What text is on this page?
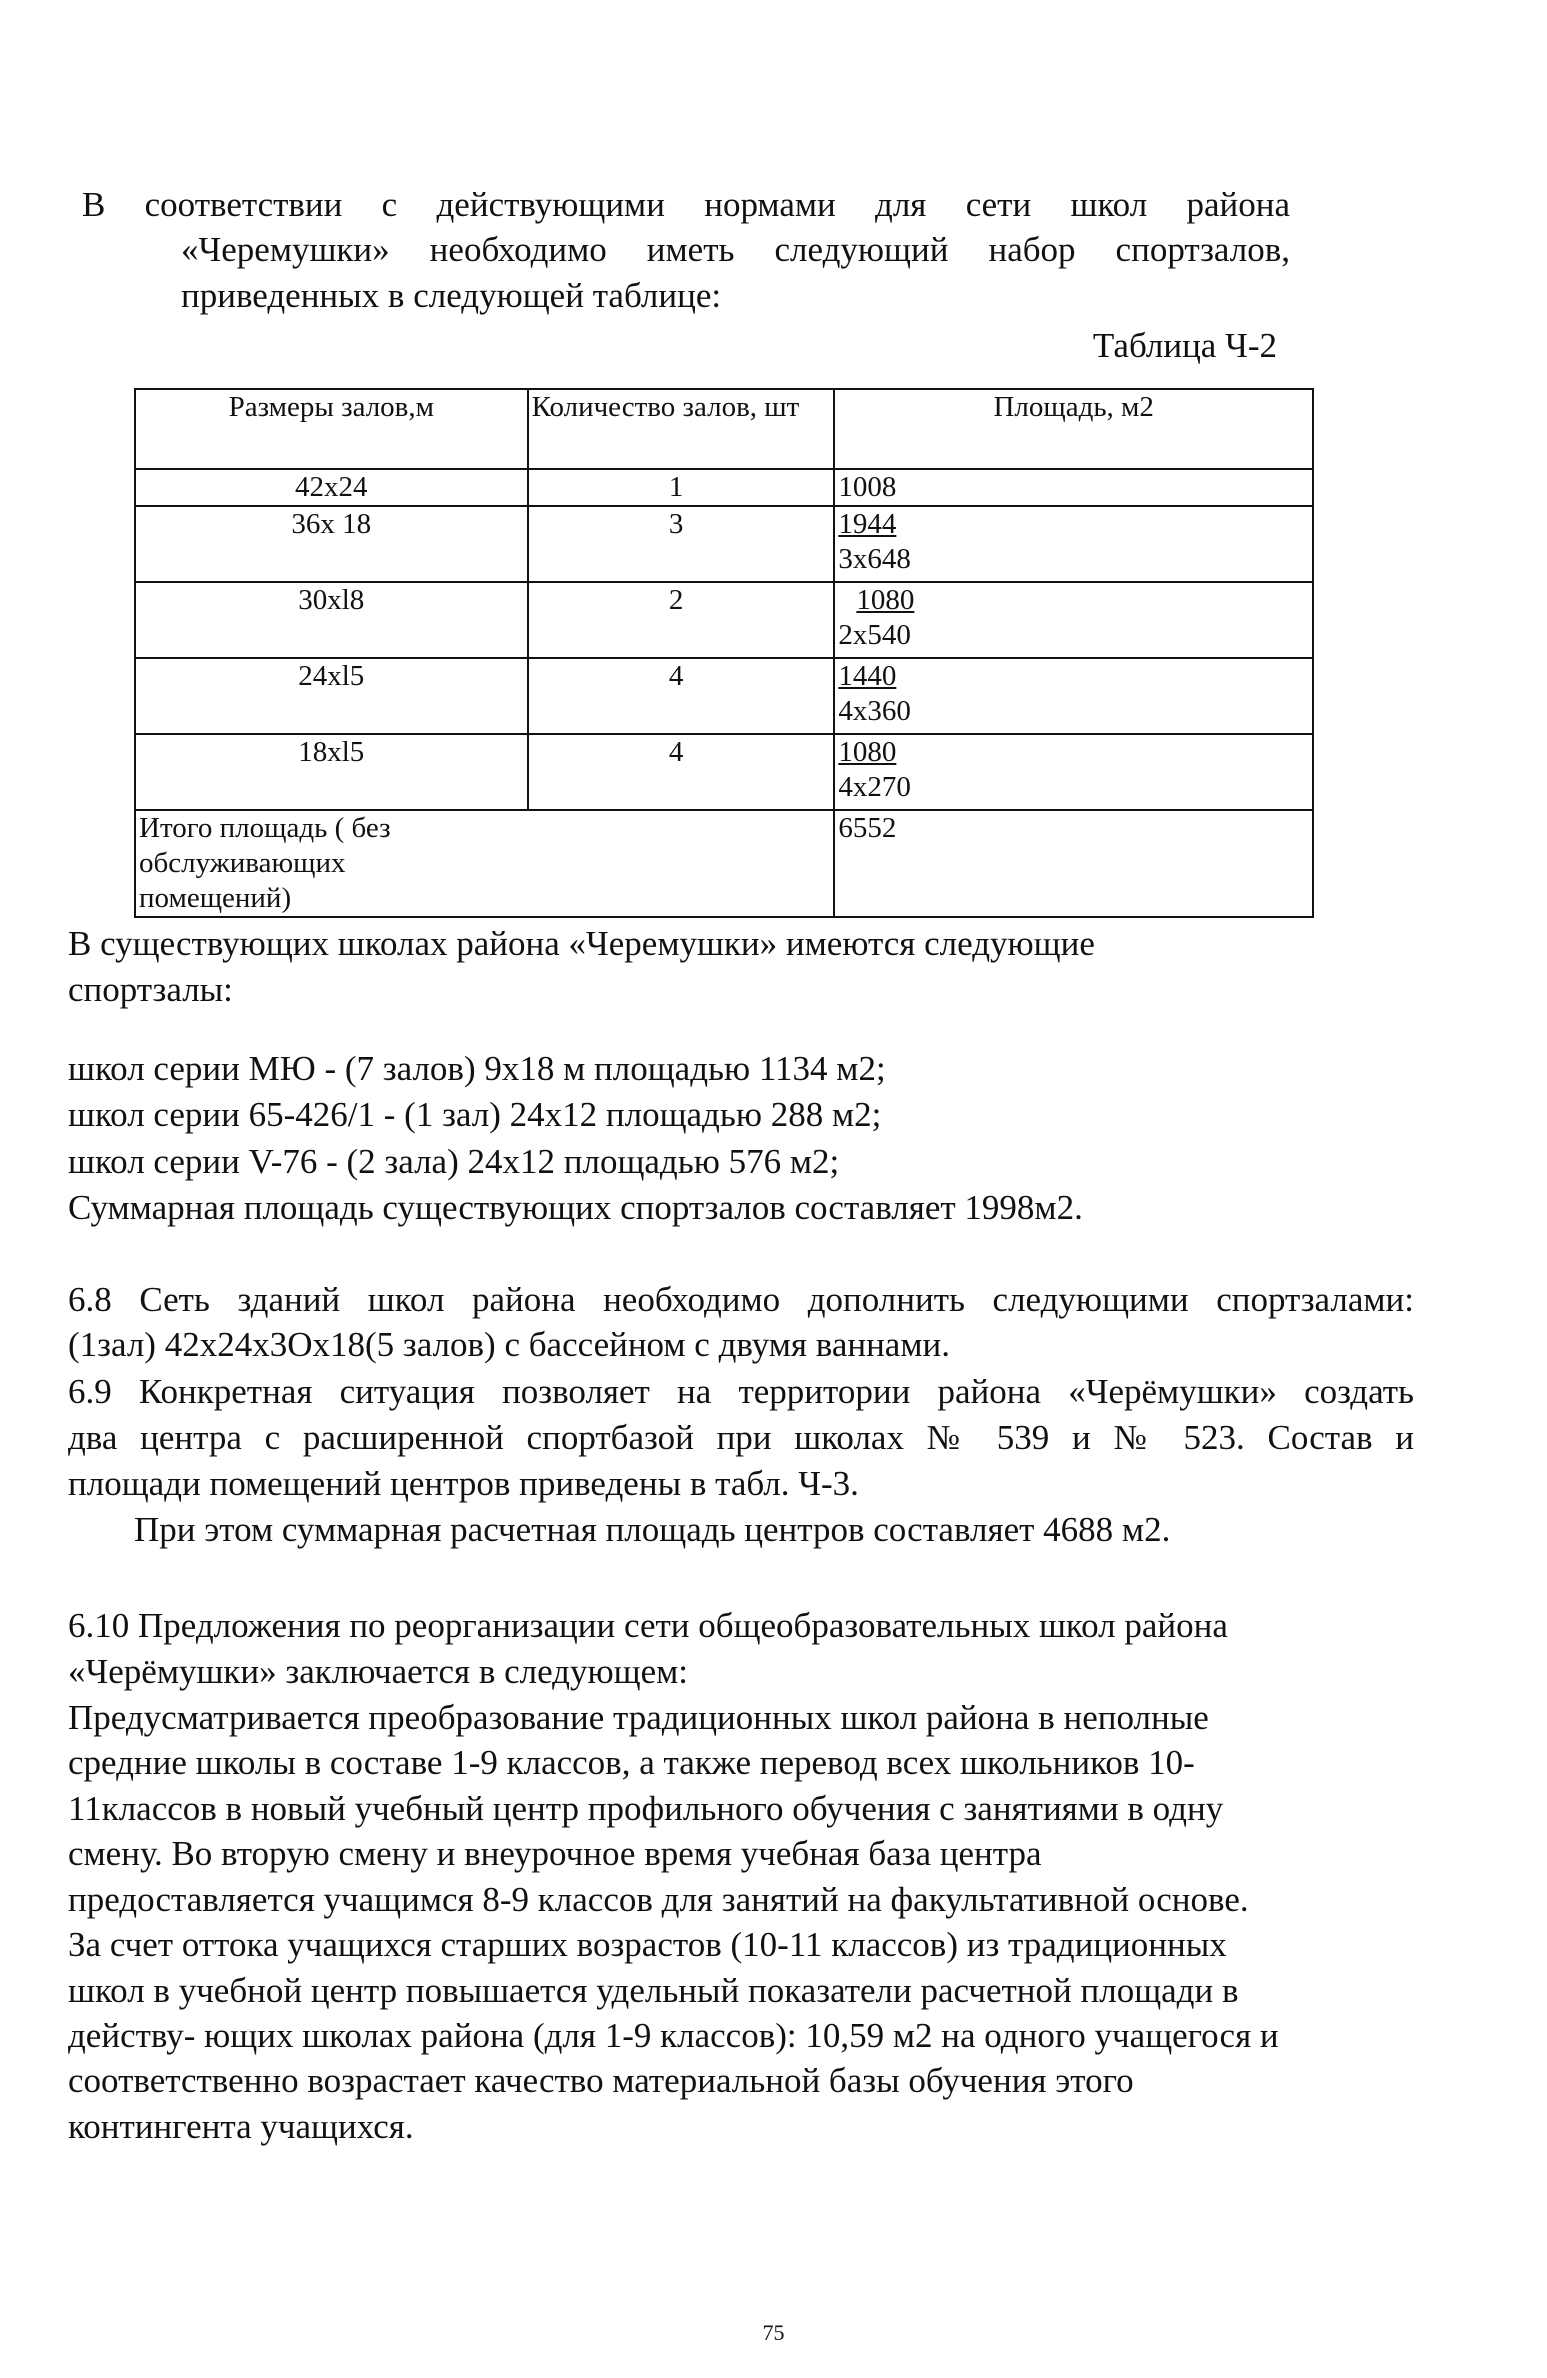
В соответствии с действующими нормами для сети школ района
«Черемушки» необходимо иметь следующий набор спортзалов,
приведенных в следующей таблице:
Таблица Ч-2
Размеры залов,м	Количество залов, шт	Площадь, м2
42x24	1	1008

36х 18	3	1944
3x648

30xl8	2	1080
2x540

24xl5	4	1440
4x360

18xl5	4	1080
4x270

Итого площадь ( без обслуживающих помещений)		6552
В существующих школах района «Черемушки» имеются следующие
спортзалы:
школ серии МЮ - (7 залов) 9x18 м площадью 1134 м2;
школ серии 65-426/1 - (1 зал) 24x12 площадью 288 м2;
школ серии V-76 - (2 зала) 24x12 площадью 576 м2;
Суммарная площадь существующих спортзалов составляет 1998м2.
6.8 Сеть зданий школ района необходимо дополнить следующими спортзалами:
(1зал) 42x24x3Ox18(5 залов) с бассейном с двумя ваннами.
6.9 Конкретная ситуация позволяет на территории района «Черёмушки» создать
два центра с расширенной спортбазой при школах № 539 и № 523. Состав и
площади помещений центров приведены в табл. Ч-3.
При этом суммарная расчетная площадь центров составляет 4688 м2.
6.10 Предложения по реорганизации сети общеобразовательных школ района
«Черёмушки» заключается в следующем:
Предусматривается преобразование традиционных школ района в неполные
средние школы в составе 1-9 классов, а также перевод всех школьников 10-
11классов в новый учебный центр профильного обучения с занятиями в одну
смену. Во вторую смену и внеурочное время учебная база центра
предоставляется учащимся 8-9 классов для занятий на факультативной основе.
За счет оттока учащихся старших возрастов (10-11 классов) из традиционных
школ в учебной центр повышается удельный показатели расчетной площади в
действу- ющих школах района (для 1-9 классов): 10,59 м2 на одного учащегося и
соответственно возрастает качество материальной базы обучения этого
контингента учащихся.
75
